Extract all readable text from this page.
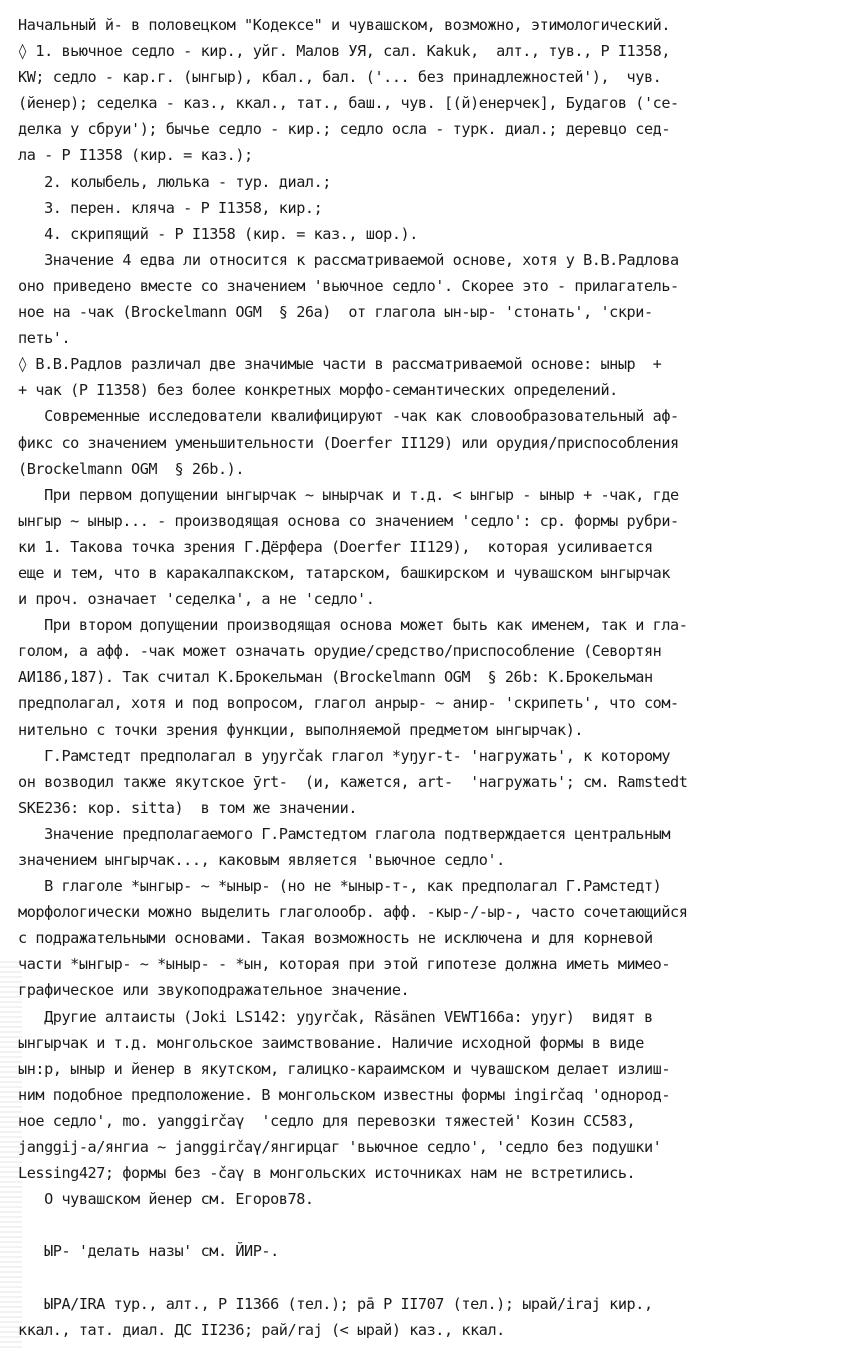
Начальный й- в половецком "Кодексе" и чувашском, возможно, этимологический.
◊ 1. вьючное седло - кир., уйг. Малов УЯ, сал. Kakuk,  алт., тув., Р I1358,
KW; седло - кар.г. (ынгыр), кбал., бал. ('... без принадлежностей'),  чув.
(йенер); седелка - каз., ккал., тат., баш., чув. [(й)енерчек], Будагов ('се-
делка у сбруи'); бычье седло - кир.; седло осла - турк. диал.; деревцо сед-
ла - Р I1358 (кир. = каз.);
2. колыбель, люлька - тур. диал.;
3. перен. кляча - Р I1358, кир.;
4. скрипящий - Р I1358 (кир. = каз., шор.).
Значение 4 едва ли относится к рассматриваемой основе, хотя у В.В.Радлова
оно приведено вместе со значением 'вьючное седло'. Скорее это - прилагатель-
ное на -чак (Brockelmann OGM  § 26a)  от глагола ын-ыр- 'стонать', 'скри-
петь'.
◊ В.В.Радлов различал две значимые части в рассматриваемой основе: ыныр  +
+ чак (Р I1358) без более конкретных морфо-семантических определений.
Современные исследователи квалифицируют -чак как словообразовательный аф-
фикс со значением уменьшительности (Doerfer II129) или орудия/приспособления
(Brockelmann OGM  § 26b.).
При первом допущении ынгырчак ~ ынырчак и т.д. < ынгыр - ыныр + -чак, где
ынгыр ~ ыныр... - производящая основа со значением 'седло': ср. формы рубри-
ки 1. Такова точка зрения Г.Дёрфера (Doerfer II129),  которая усиливается
еще и тем, что в каракалпакском, татарском, башкирском и чувашском ынгырчак
и проч. означает 'седелка', а не 'седло'.
При втором допущении производящая основа может быть как именем, так и гла-
голом, а афф. -чак может означать орудие/средство/приспособление (Севортян
АИ186,187). Так считал К.Брокельман (Brockelmann OGM  § 26b: К.Брокельман
предполагал, хотя и под вопросом, глагол анрыр- ~ анир- 'скрипеть', что сом-
нительно с точки зрения функции, выполняемой предметом ынгырчак).
Г.Рамстедт предполагал в yŋyrčak глагол *yŋyr-t- 'нагружать', к которому
он возводил также якутское ӯrt-  (и, кажется, art-  'нагружать'; см. Ramstedt
SKE236: кор. sitta)  в том же значении.
Значение предполагаемого Г.Рамстедтом глагола подтверждается центральным
значением ынгырчак..., каковым является 'вьючное седло'.
В глаголе *ынгыр- ~ *ыныр- (но не *ыныр-т-, как предполагал Г.Рамстедт)
морфологически можно выделить глаголообр. афф. -кыр-/-ыр-, часто сочетающийся
с подражательными основами. Такая возможность не исключена и для корневой
части *ынгыр- ~ *ыныр- - *ын, которая при этой гипотезе должна иметь мимео-
графическое или звукоподражательное значение.
Другие алтаисты (Joki LS142: yŋyrčak, Räsänen VEWT166a: yŋyr)  видят в
ынгырчак и т.д. монгольское заимствование. Наличие исходной формы в виде
ын:р, ыныр и йенер в якутском, галицко-караимском и чувашском делает излиш-
ним подобное предположение. В монгольском известны формы ingirčaq 'однород-
ное седло', mo. yanggirčaγ  'седло для перевозки тяжестей' Козин СС583,
janggij-a/янгиа ~ janggirčaγ/янгирцаг 'вьючное седло', 'седло без подушки'
Lessing427; формы без -čaγ в монгольских источниках нам не встретились.
О чувашском йенер см. Егоров78.
ЫР- 'делать назы' см. ЙИР-.
ЫРА/IRA тур., алт., Р I1366 (тел.); рā Р II707 (тел.); ырай/iraj кир.,
ккал., тат. диал. ДС II236; рай/raj (< ырай) каз., ккал.
